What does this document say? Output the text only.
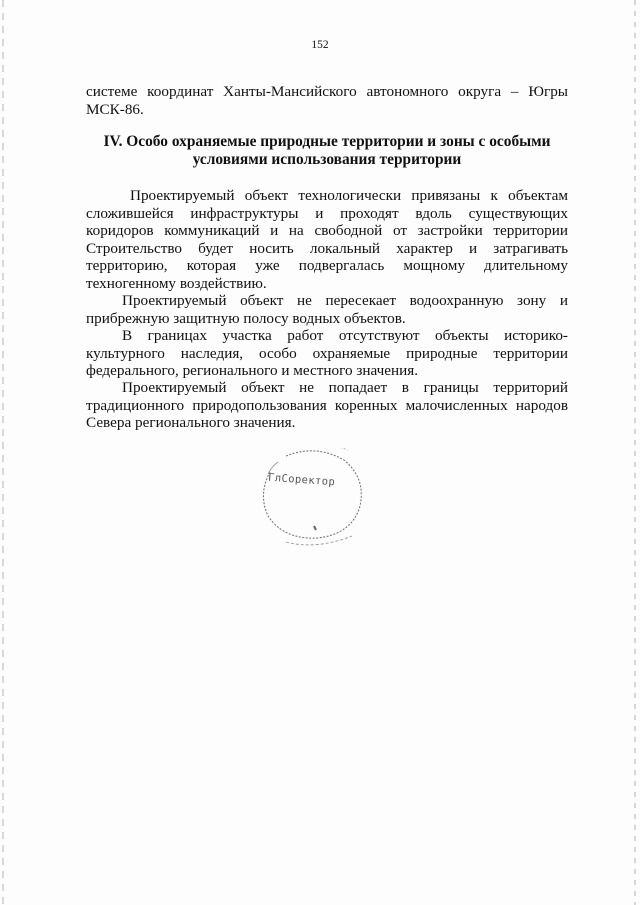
152
системе координат Ханты-Мансийского автономного округа – Югры
МСК-86.
IV. Особо охраняемые природные территории и зоны с особыми
условиями использования территории
Проектируемый объект технологически привязаны к объектам
сложившейся инфраструктуры и проходят вдоль существующих
коридоров коммуникаций и на свободной от застройки территории
Строительство будет носить локальный характер и затрагивать
территорию, которая уже подвергалась мощному длительному
техногенному воздействию.
Проектируемый объект не пересекает водоохранную зону и
прибрежную защитную полосу водных объектов.
В границах участка работ отсутствуют объекты историко-
культурного наследия, особо охраняемые природные территории
федерального, регионального и местного значения.
Проектируемый объект не попадает в границы территорий
традиционного природопользования коренных малочисленных народов
Севера регионального значения.
ГлСоректор
